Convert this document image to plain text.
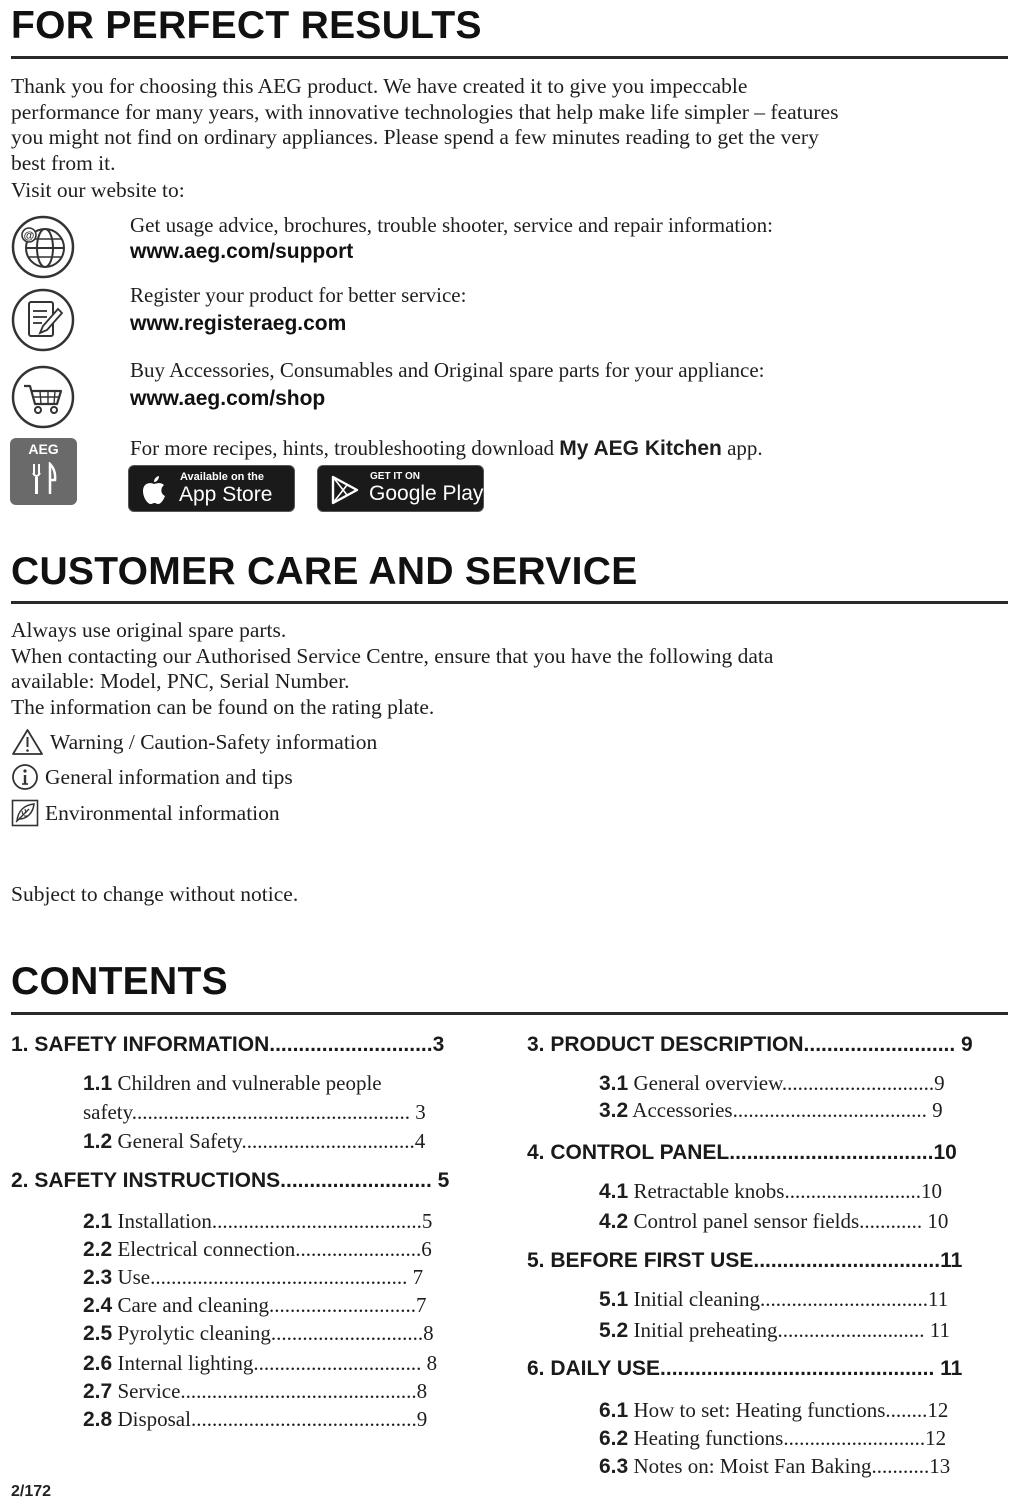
FOR PERFECT RESULTS
Thank you for choosing this AEG product. We have created it to give you impeccable
performance for many years, with innovative technologies that help make life simpler – features
you might not find on ordinary appliances. Please spend a few minutes reading to get the very
best from it.
Visit our website to:
@	Get usage advice, brochures, trouble shooter, service and repair information:
www.aeg.com/support
Register your product for better service:
www.registeraeg.com
Buy Accessories, Consumables and Original spare parts for your appliance:
www.aeg.com/shop
AEG	For more recipes, hints, troubleshooting download
My AEG Kitchen
app.
Available on the
App Store
GET IT ON
Google Play
CUSTOMER CARE AND SERVICE
Always use original spare parts.
When contacting our Authorised Service Centre, ensure that you have the following data
available: Model, PNC, Serial Number.
The information can be found on the rating plate.
Warning / Caution-Safety information
General information and tips
Environmental information
Subject to change without notice.
CONTENTS
1. SAFETY INFORMATION............................3
1.1 Children and vulnerable people
safety..................................................... 3
1.2 General Safety.................................4
2. SAFETY INSTRUCTIONS.......................... 5
2.1 Installation........................................5
2.2 Electrical connection........................6
2.3 Use................................................. 7
2.4 Care and cleaning............................7
2.5 Pyrolytic cleaning.............................8
2.6 Internal lighting................................ 8
2.7 Service.............................................8
2.8 Disposal...........................................9
3. PRODUCT DESCRIPTION.......................... 9
3.1 General overview.............................9
3.2 Accessories..................................... 9
4. CONTROL PANEL...................................10
4.1 Retractable knobs..........................10
4.2 Control panel sensor fields............ 10
5. BEFORE FIRST USE................................11
5.1 Initial cleaning................................11
5.2 Initial preheating............................ 11
6. DAILY USE............................................... 11
6.1 How to set: Heating functions........12
6.2 Heating functions...........................12
6.3 Notes on: Moist Fan Baking...........13
2/172
